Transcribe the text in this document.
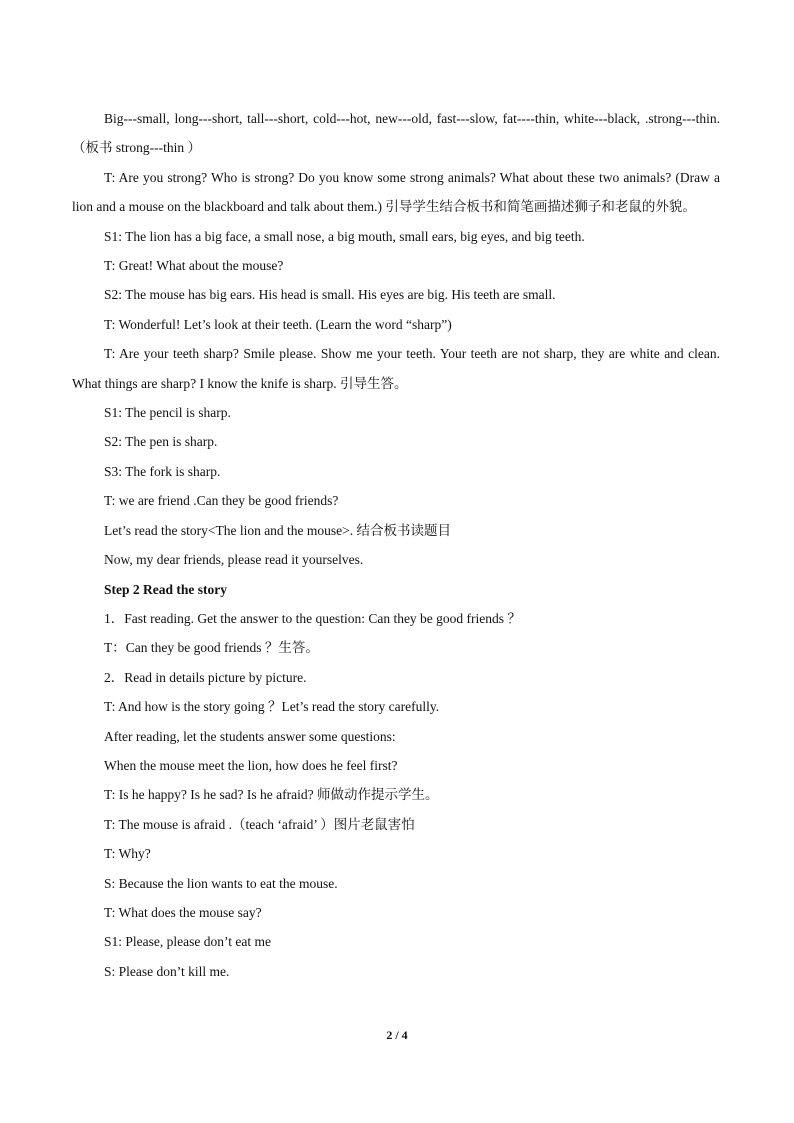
Big---small, long---short, tall---short, cold---hot, new---old, fast---slow, fat----thin, white---black, .strong---thin. （板书 strong---thin ）

T: Are you strong? Who is strong? Do you know some strong animals? What about these two animals? (Draw a lion and a mouse on the blackboard and talk about them.) 引导学生结合板书和简笔画描述狮子和老鼠的外貌。

S1: The lion has a big face, a small nose, a big mouth, small ears, big eyes, and big teeth.

T: Great! What about the mouse?

S2: The mouse has big ears. His head is small. His eyes are big. His teeth are small.

T: Wonderful! Let’s look at their teeth. (Learn the word “sharp”)

T: Are your teeth sharp? Smile please. Show me your teeth. Your teeth are not sharp, they are white and clean. What things are sharp? I know the knife is sharp. 引导生答。

S1: The pencil is sharp.

S2: The pen is sharp.

S3: The fork is sharp.

T: we are friend .Can they be good friends?

Let’s read the story<The lion and the mouse>. 结合板书读题目

Now, my dear friends, please read it yourselves.

Step 2 Read the story

1．Fast reading. Get the answer to the question: Can they be good friends ？

T：Can they be good friends ？生答。

2．Read in details picture by picture.

T: And how is the story going ？Let’s read the story carefully.

After reading, let the students answer some questions:

When the mouse meet the lion, how does he feel first?

T: Is he happy? Is he sad? Is he afraid? 师做动作提示学生。

T: The mouse is afraid .（teach ‘afraid’ ）图片老鼠害怕

T: Why?

S: Because the lion wants to eat the mouse.

T: What does the mouse say?

S1: Please, please don’t eat me

S: Please don’t kill me.

2 / 4
